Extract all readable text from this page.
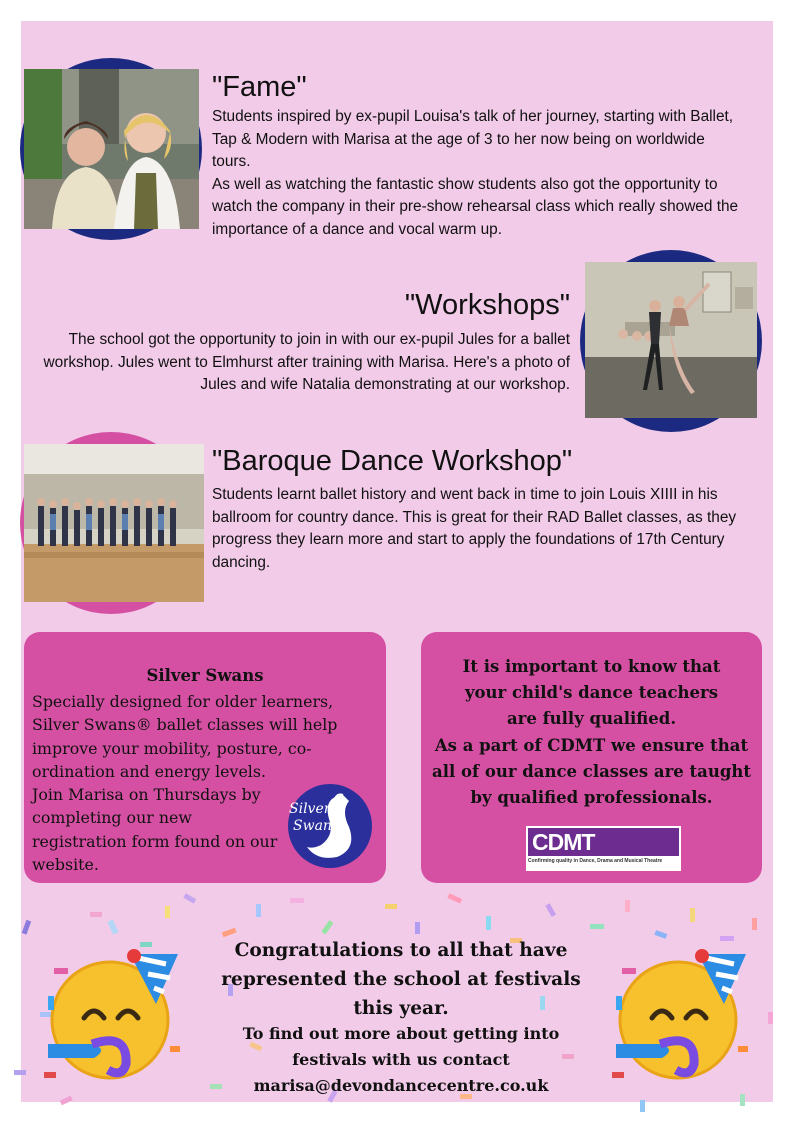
"Fame"
Students inspired by ex-pupil Louisa's talk of her journey, starting with Ballet, Tap & Modern with Marisa at the age of 3 to her now being on worldwide tours.
As well as watching the fantastic show students also got the opportunity to watch the company in their pre-show rehearsal class which really showed the importance of a dance and vocal warm up.
"Workshops"
The school got the opportunity to join in with our ex-pupil Jules for a ballet workshop. Jules went to Elmhurst after training with Marisa. Here's a photo of Jules and wife Natalia demonstrating at our workshop.
"Baroque Dance Workshop"
Students learnt ballet history and went back in time to join Louis XIIII in his ballroom for country dance. This is great for their RAD Ballet classes, as they progress they learn more and start to apply the foundations of 17th Century dancing.
Silver Swans
Specially designed for older learners, Silver Swans® ballet classes will help improve your mobility, posture, co-ordination and energy levels.
Join Marisa on Thursdays by completing our new registration form found on our website.
Silver
Swans
It is important to know that your child's dance teachers are fully qualified.
As a part of CDMT we ensure that all of our dance classes are taught by qualified professionals.
CDMT
Confirming quality in Dance, Drama and Musical Theatre
Congratulations to all that have represented the school at festivals this year.
To find out more about getting into festivals with us contact
marisa@devondancecentre.co.uk
